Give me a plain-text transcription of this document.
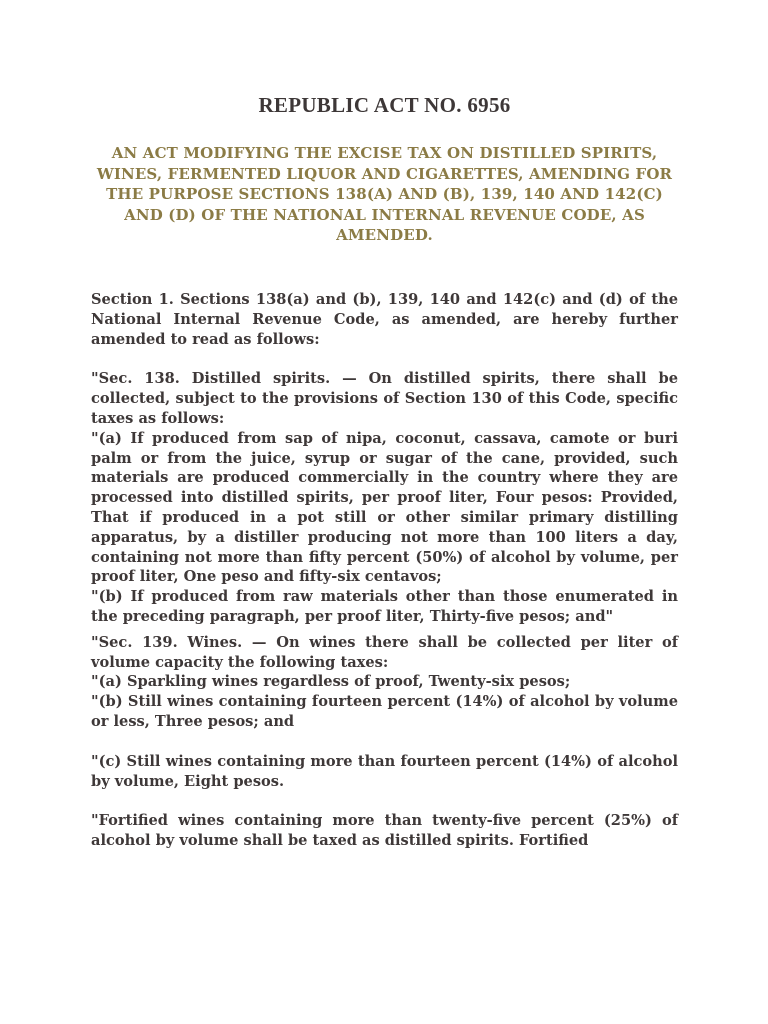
REPUBLIC ACT NO. 6956

AN ACT MODIFYING THE EXCISE TAX ON DISTILLED SPIRITS, WINES, FERMENTED LIQUOR AND CIGARETTES, AMENDING FOR THE PURPOSE SECTIONS 138(A) AND (B), 139, 140 AND 142(C) AND (D) OF THE NATIONAL INTERNAL REVENUE CODE, AS AMENDED.

Section 1. Sections 138(a) and (b), 139, 140 and 142(c) and (d) of the National Internal Revenue Code, as amended, are hereby further amended to read as follows:

"Sec. 138. Distilled spirits. — On distilled spirits, there shall be collected, subject to the provisions of Section 130 of this Code, specific taxes as follows:

"(a) If produced from sap of nipa, coconut, cassava, camote or buri palm or from the juice, syrup or sugar of the cane, provided, such materials are produced commercially in the country where they are processed into distilled spirits, per proof liter, Four pesos: Provided, That if produced in a pot still or other similar primary distilling apparatus, by a distiller producing not more than 100 liters a day, containing not more than fifty percent (50%) of alcohol by volume, per proof liter, One peso and fifty-six centavos;

"(b) If produced from raw materials other than those enumerated in the preceding paragraph, per proof liter, Thirty-five pesos; and"

"Sec. 139. Wines. — On wines there shall be collected per liter of volume capacity the following taxes:

"(a) Sparkling wines regardless of proof, Twenty-six pesos;

"(b) Still wines containing fourteen percent (14%) of alcohol by volume or less, Three pesos; and

"(c) Still wines containing more than fourteen percent (14%) of alcohol by volume, Eight pesos.

"Fortified wines containing more than twenty-five percent (25%) of alcohol by volume shall be taxed as distilled spirits. Fortified
